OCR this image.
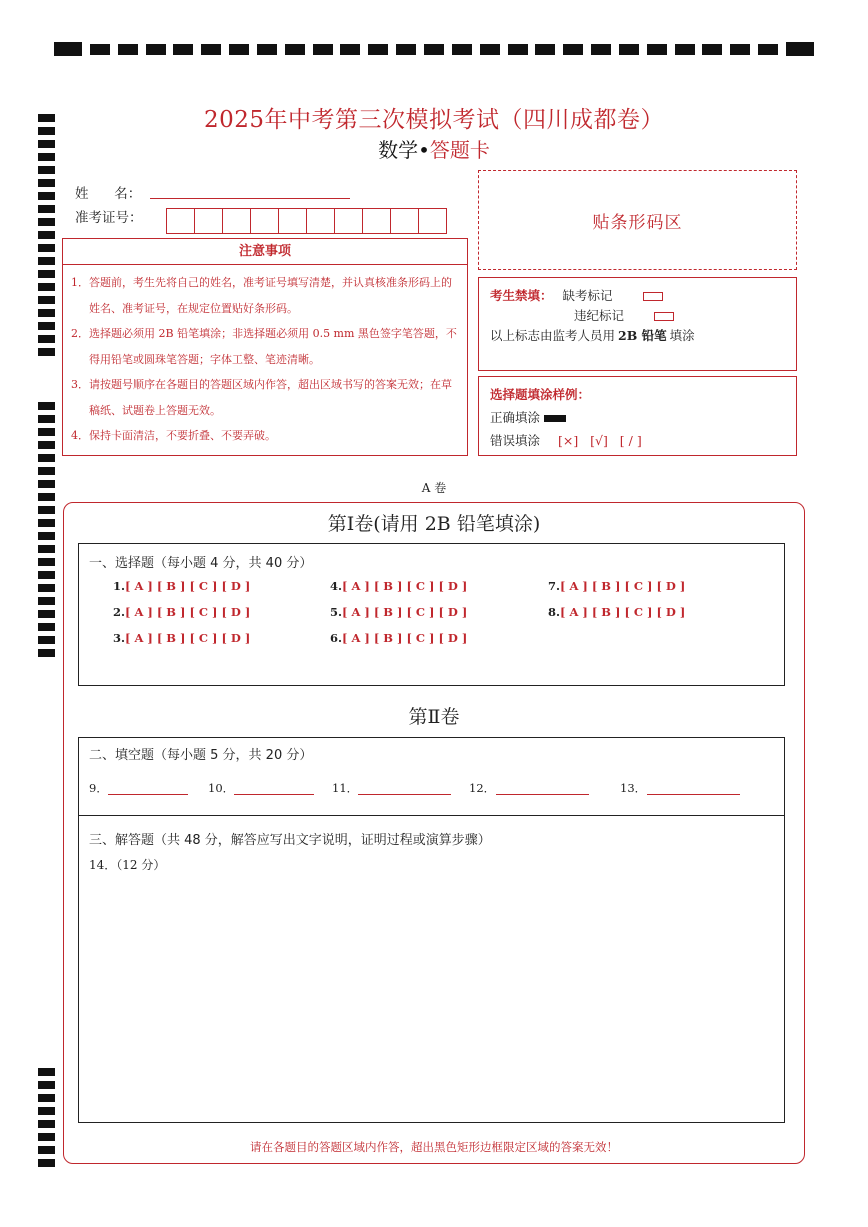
2025年中考第三次模拟考试（四川成都卷）
数学•答题卡
姓      名：
准考证号：	贴条形码区
注意事项
1．答题前，考生先将自己的姓名，准考证号填写清楚，并认真核准条形码上的姓名、准考证号，在规定位置贴好条形码。
2．选择题必须用 2B 铅笔填涂；非选择题必须用 0.5 mm 黑色签字笔答题，不得用铅笔或圆珠笔答题；字体工整、笔迹清晰。
3．请按题号顺序在各题目的答题区域内作答，超出区域书写的答案无效；在草稿纸、试题卷上答题无效。
4．保持卡面清洁，不要折叠、不要弄破。
考生禁填： 缺考标记
违纪标记
以上标志由监考人员用 2B 铅笔 填涂
选择题填涂样例：
正确填涂
错误填涂 [×]   [√]   [ / ]
A 卷
第Ⅰ卷(请用 2B 铅笔填涂)
一、选择题（每小题 4 分，共 40 分）
1.[ A ] [ B ] [ C ] [ D ]
2.[ A ] [ B ] [ C ] [ D ]
3.[ A ] [ B ] [ C ] [ D ]
4.[ A ] [ B ] [ C ] [ D ]
5.[ A ] [ B ] [ C ] [ D ]
6.[ A ] [ B ] [ C ] [ D ]
7.[ A ] [ B ] [ C ] [ D ]
8.[ A ] [ B ] [ C ] [ D ]
第Ⅱ卷
二、填空题（每小题 5 分，共 20 分）
9．	10．	11．	12．	13．
三、解答题（共 48 分，解答应写出文字说明，证明过程或演算步骤）
14．（12 分）
请在各题目的答题区域内作答，超出黑色矩形边框限定区域的答案无效！
